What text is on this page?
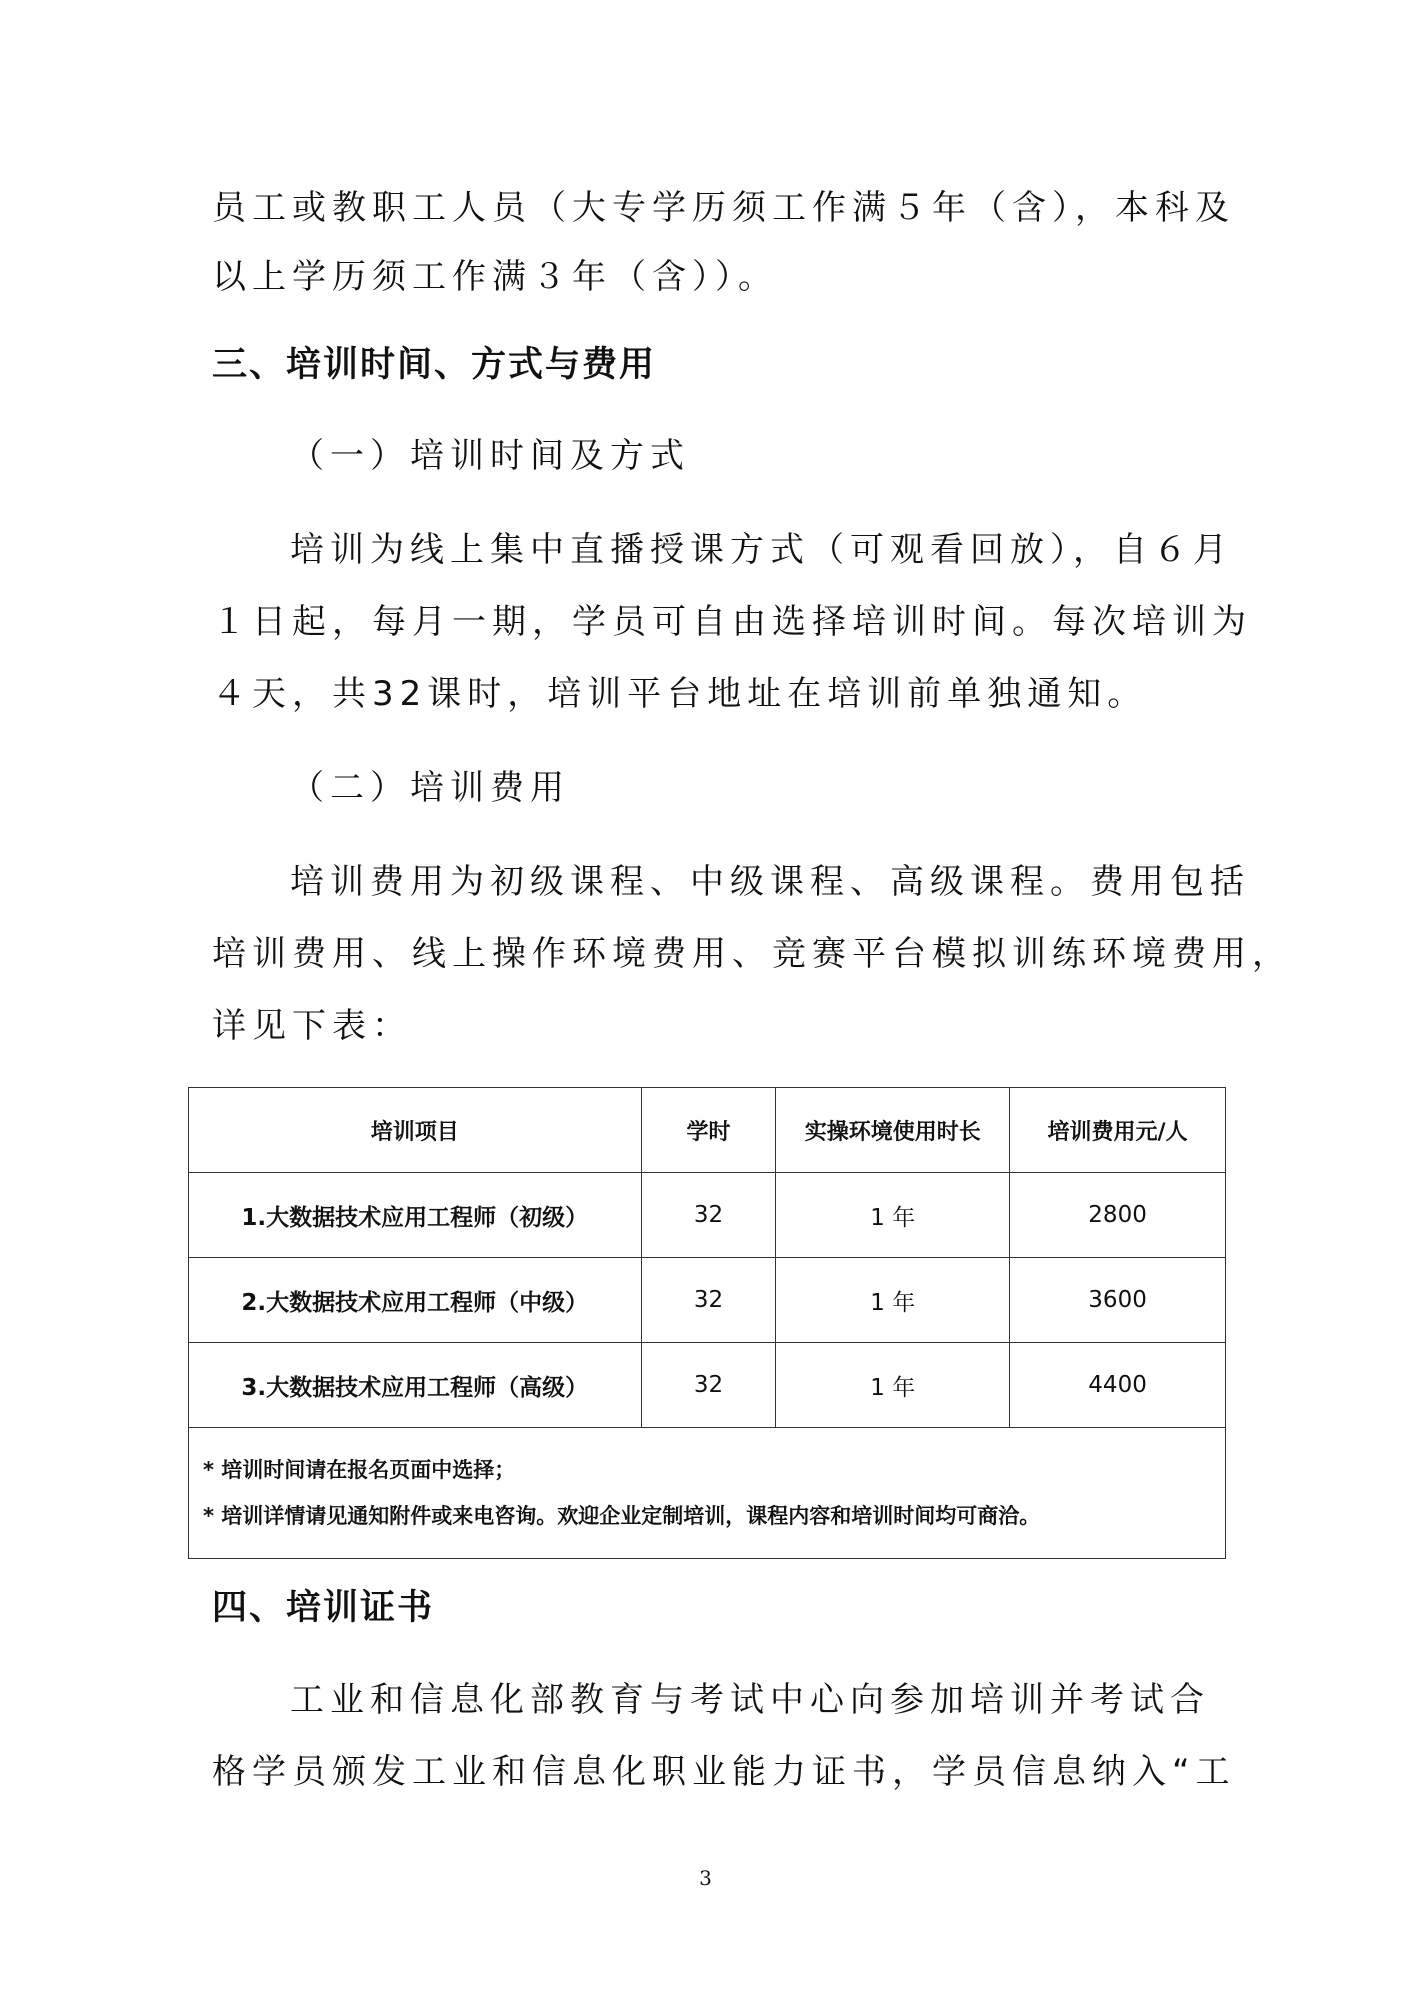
员工或教职工人员（大专学历须工作满５年（含），本科及
以上学历须工作满３年（含））。
三、培训时间、方式与费用
（一）培训时间及方式
培训为线上集中直播授课方式（可观看回放），自６月
１日起，每月一期，学员可自由选择培训时间。每次培训为
４天，共32课时，培训平台地址在培训前单独通知。
（二）培训费用
培训费用为初级课程、中级课程、高级课程。费用包括
培训费用、线上操作环境费用、竞赛平台模拟训练环境费用，
详见下表：
培训项目	学时	实操环境使用时长	培训费用元/人
1.大数据技术应用工程师（初级）	32	1 年	2800
2.大数据技术应用工程师（中级）	32	1 年	3600
3.大数据技术应用工程师（高级）	32	1 年	4400

* 培训时间请在报名页面中选择；
* 培训详情请见通知附件或来电咨询。欢迎企业定制培训，课程内容和培训时间均可商洽。			
四、培训证书
工业和信息化部教育与考试中心向参加培训并考试合
格学员颁发工业和信息化职业能力证书，学员信息纳入“工
3
